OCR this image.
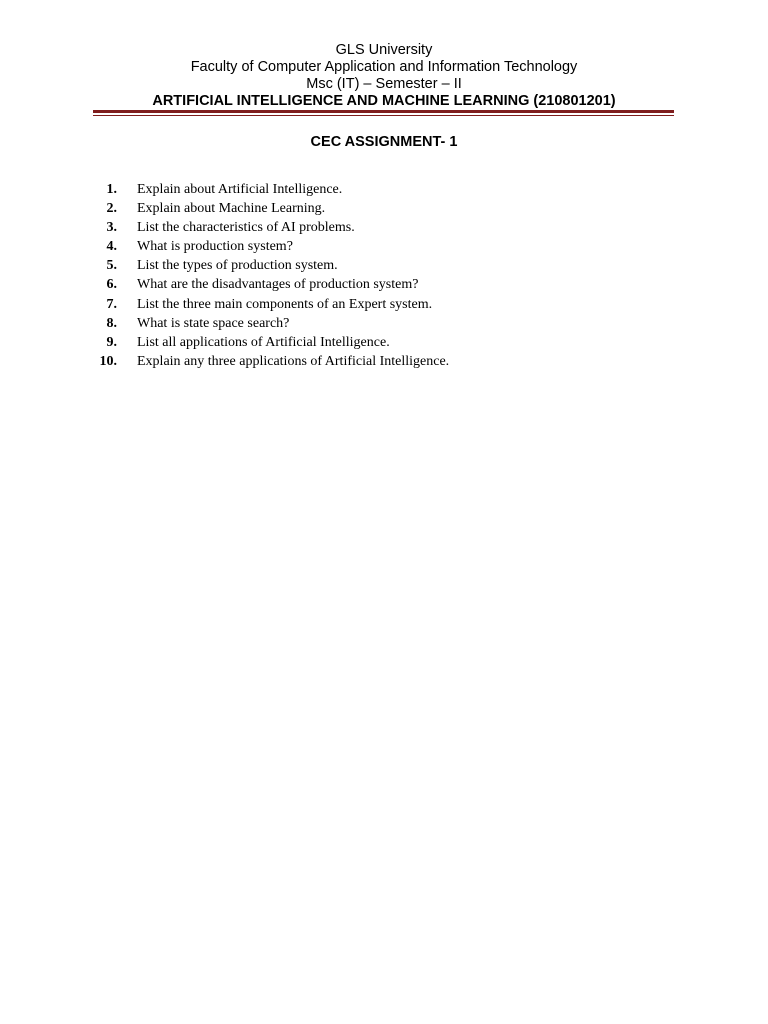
GLS University
Faculty of Computer Application and Information Technology
Msc (IT) – Semester – II
ARTIFICIAL INTELLIGENCE AND MACHINE LEARNING (210801201)
CEC ASSIGNMENT- 1
1. Explain about Artificial Intelligence.
2. Explain about Machine Learning.
3. List the characteristics of AI problems.
4. What is production system?
5. List the types of production system.
6. What are the disadvantages of production system?
7. List the three main components of an Expert system.
8. What is state space search?
9. List all applications of Artificial Intelligence.
10. Explain any three applications of Artificial Intelligence.
